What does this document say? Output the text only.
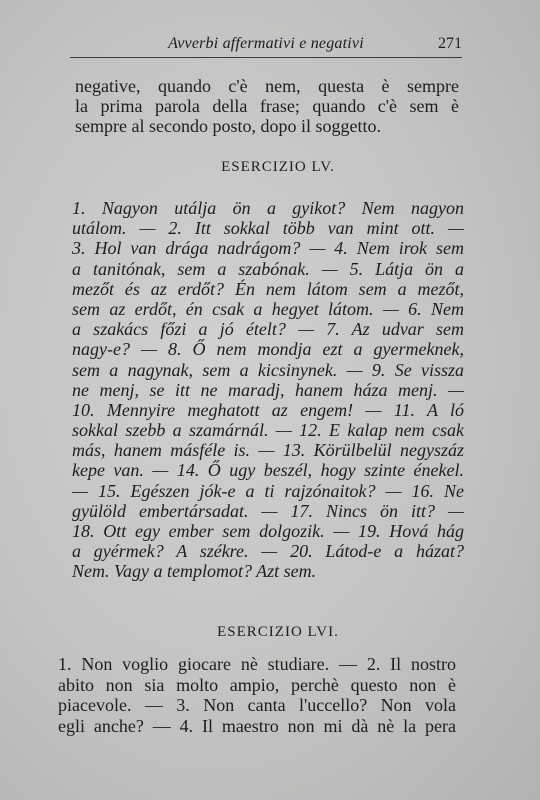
Avverbi affermativi e negativi	271
negative, quando c'è nem, questa è sempre
la prima parola della frase; quando c'è sem è
sempre al secondo posto, dopo il soggetto.
ESERCIZIO LV.
1. Nagyon utálja ön a gyikot? Nem nagyon
utálom. — 2. Itt sokkal több van mint ott. —
3. Hol van drága nadrágom? — 4. Nem irok sem
a tanitónak, sem a szabónak. — 5. Látja ön a
mezőt és az erdőt? Én nem látom sem a mezőt,
sem az erdőt, én csak a hegyet látom. — 6. Nem
a szakács főzi a jó ételt? — 7. Az udvar sem
nagy-e? — 8. Ő nem mondja ezt a gyermeknek,
sem a nagynak, sem a kicsinynek. — 9. Se vissza
ne menj, se itt ne maradj, hanem háza menj. —
10. Mennyire meghatott az engem! — 11. A ló
sokkal szebb a szamárnál. — 12. E kalap nem csak
más, hanem másféle is. — 13. Körülbelül negyszáz
kepe van. — 14. Ő ugy beszél, hogy szinte énekel.
— 15. Egészen jók-e a ti rajzónaitok? — 16. Ne
gyülöld embertársadat. — 17. Nincs ön itt? —
18. Ott egy ember sem dolgozik. — 19. Hová hág
a gyérmek? A székre. — 20. Látod-e a házat?
Nem. Vagy a templomot? Azt sem.
ESERCIZIO LVI.
1. Non voglio giocare nè studiare. — 2. Il nostro
abito non sia molto ampio, perchè questo non è
piacevole. — 3. Non canta l'uccello? Non vola
egli anche? — 4. Il maestro non mi dà nè la pera
